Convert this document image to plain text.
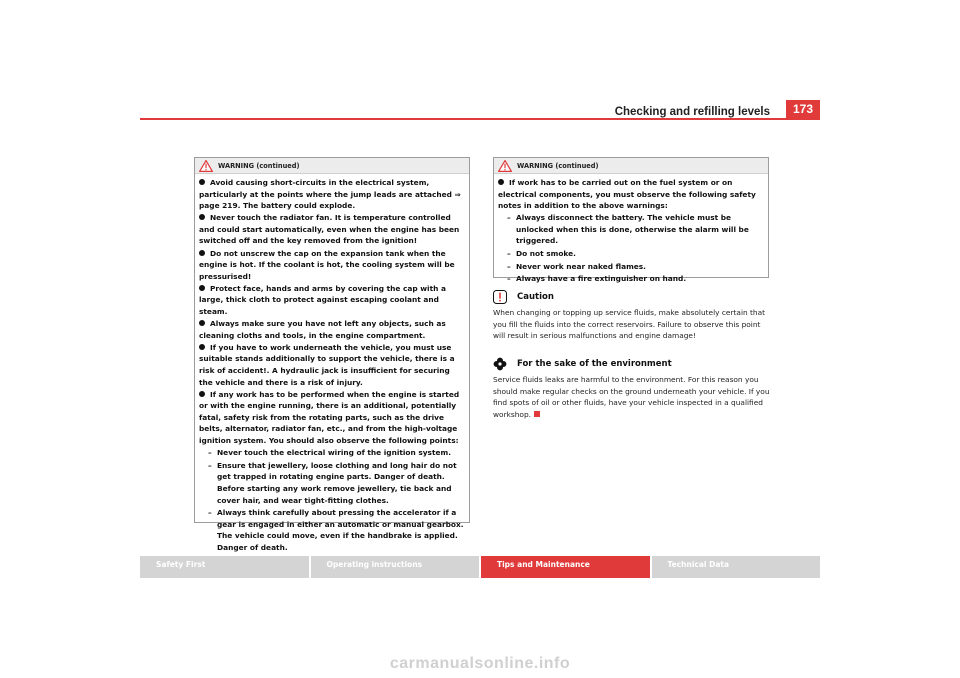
Checking and refilling levels	173
WARNING (continued)
Avoid causing short-circuits in the electrical system, particularly at the points where the jump leads are attached ⇒ page 219. The battery could explode.
Never touch the radiator fan. It is temperature controlled and could start automatically, even when the engine has been switched off and the key removed from the ignition!
Do not unscrew the cap on the expansion tank when the engine is hot. If the coolant is hot, the cooling system will be pressurised!
Protect face, hands and arms by covering the cap with a large, thick cloth to protect against escaping coolant and steam.
Always make sure you have not left any objects, such as cleaning cloths and tools, in the engine compartment.
If you have to work underneath the vehicle, you must use suitable stands additionally to support the vehicle, there is a risk of accident!. A hydraulic jack is insufficient for securing the vehicle and there is a risk of injury.
If any work has to be performed when the engine is started or with the engine running, there is an additional, potentially fatal, safety risk from the rotating parts, such as the drive belts, alternator, radiator fan, etc., and from the high-voltage ignition system. You should also observe the following points:
– Never touch the electrical wiring of the ignition system.
– Ensure that jewellery, loose clothing and long hair do not get trapped in rotating engine parts. Danger of death. Before starting any work remove jewellery, tie back and cover hair, and wear tight-fitting clothes.
– Always think carefully about pressing the accelerator if a gear is engaged in either an automatic or manual gearbox. The vehicle could move, even if the handbrake is applied. Danger of death.
WARNING (continued)
If work has to be carried out on the fuel system or on electrical components, you must observe the following safety notes in addition to the above warnings:
– Always disconnect the battery. The vehicle must be unlocked when this is done, otherwise the alarm will be triggered.
– Do not smoke.
– Never work near naked flames.
– Always have a fire extinguisher on hand.
Caution
When changing or topping up service fluids, make absolutely certain that you fill the fluids into the correct reservoirs. Failure to observe this point will result in serious malfunctions and engine damage!
For the sake of the environment
Service fluids leaks are harmful to the environment. For this reason you should make regular checks on the ground underneath your vehicle. If you find spots of oil or other fluids, have your vehicle inspected in a qualified workshop.
Safety First	Operating instructions	Tips and Maintenance	Technical Data
carmanualsonline.info
